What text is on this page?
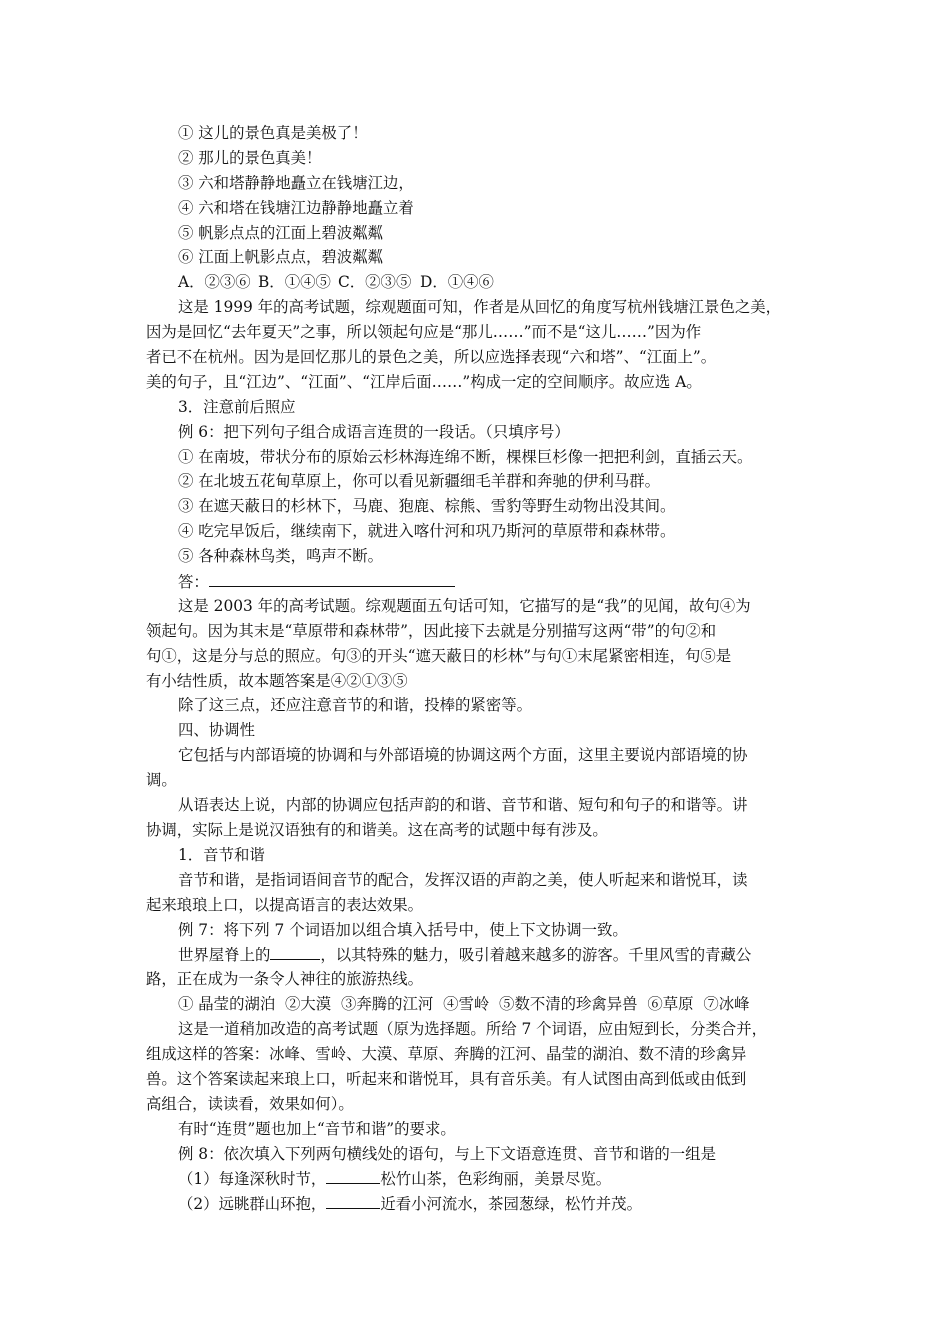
① 这儿的景色真是美极了！
② 那儿的景色真美！
③ 六和塔静静地矗立在钱塘江边，
④ 六和塔在钱塘江边静静地矗立着
⑤ 帆影点点的江面上碧波粼粼
⑥ 江面上帆影点点，碧波粼粼
A．②③⑥ B．①④⑤ C．②③⑤ D．①④⑥
这是 1999 年的高考试题，综观题面可知，作者是从回忆的角度写杭州钱塘江景色之美，
因为是回忆“去年夏天”之事，所以领起句应是“那儿……”而不是“这儿……”因为作
者已不在杭州。因为是回忆那儿的景色之美，所以应选择表现“六和塔”、“江面上”。
美的句子，且“江边”、“江面”、“江岸后面……”构成一定的空间顺序。故应选 A。
3．注意前后照应
例 6：把下列句子组合成语言连贯的一段话。（只填序号）
① 在南坡，带状分布的原始云杉林海连绵不断，棵棵巨杉像一把把利剑，直插云天。
② 在北坡五花甸草原上，你可以看见新疆细毛羊群和奔驰的伊利马群。
③ 在遮天蔽日的杉林下，马鹿、狍鹿、棕熊、雪豹等野生动物出没其间。
④ 吃完早饭后，继续南下，就进入喀什河和巩乃斯河的草原带和森林带。
⑤ 各种森林鸟类，鸣声不断。
答：
这是 2003 年的高考试题。综观题面五句话可知，它描写的是“我”的见闻，故句④为
领起句。因为其末是“草原带和森林带”，因此接下去就是分别描写这两“带”的句②和
句①，这是分与总的照应。句③的开头“遮天蔽日的杉林”与句①末尾紧密相连，句⑤是
有小结性质，故本题答案是④②①③⑤
除了这三点，还应注意音节的和谐，投棒的紧密等。
四、协调性
它包括与内部语境的协调和与外部语境的协调这两个方面，这里主要说内部语境的协
调。
从语表达上说，内部的协调应包括声韵的和谐、音节和谐、短句和句子的和谐等。讲
协调，实际上是说汉语独有的和谐美。这在高考的试题中每有涉及。
1．音节和谐
音节和谐，是指词语间音节的配合，发挥汉语的声韵之美，使人听起来和谐悦耳，读
起来琅琅上口，以提高语言的表达效果。
例 7：将下列 7 个词语加以组合填入括号中，使上下文协调一致。
世界屋脊上的	，以其特殊的魅力，吸引着越来越多的游客。千里风雪的青藏公
路，正在成为一条令人神往的旅游热线。
① 晶莹的湖泊  ②大漠  ③奔腾的江河  ④雪岭  ⑤数不清的珍禽异兽  ⑥草原  ⑦冰峰
这是一道稍加改造的高考试题（原为选择题。所给 7 个词语，应由短到长，分类合并，
组成这样的答案：冰峰、雪岭、大漠、草原、奔腾的江河、晶莹的湖泊、数不清的珍禽异
兽。这个答案读起来琅上口，听起来和谐悦耳，具有音乐美。有人试图由高到低或由低到
高组合，读读看，效果如何）。
有时“连贯”题也加上“音节和谐”的要求。
例 8：依次填入下列两句横线处的语句，与上下文语意连贯、音节和谐的一组是
（1）每逢深秋时节，	松竹山茶，色彩绚丽，美景尽览。
（2）远眺群山环抱，	近看小河流水，茶园葱绿，松竹并茂。
